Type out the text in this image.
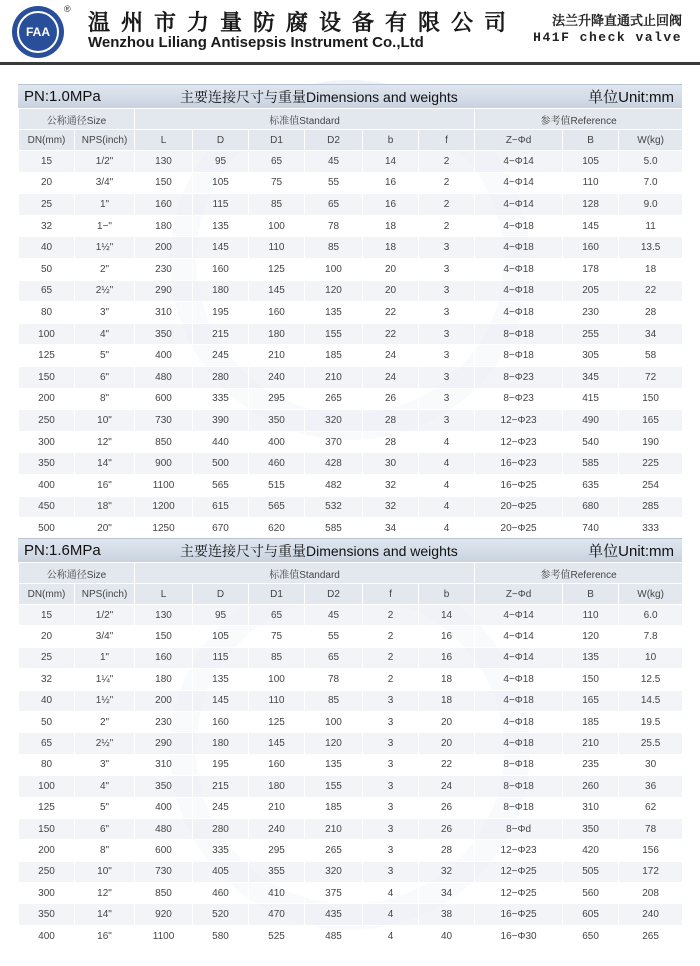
FAA
®
温州市力量防腐设备有限公司
Wenzhou Liliang Antisepsis Instrument Co.,Ltd
法兰升降直通式止回阀
H41F check valve
PN:1.0MPa	主要连接尺寸与重量Dimensions and weights	单位Unit:mm
公称通径Size		标准值Standard						参考值Reference		
DN(mm)	NPS(inch)	L	D	D1	D2	b	f	Z−Φd	B	W(kg)
15	1/2"	130	95	65	45	14	2	4−Φ14	105	5.0
20	3/4"	150	105	75	55	16	2	4−Φ14	110	7.0
25	1"	160	115	85	65	16	2	4−Φ14	128	9.0
32	1−"	180	135	100	78	18	2	4−Φ18	145	11
40	1½"	200	145	110	85	18	3	4−Φ18	160	13.5
50	2"	230	160	125	100	20	3	4−Φ18	178	18
65	2½"	290	180	145	120	20	3	4−Φ18	205	22
80	3"	310	195	160	135	22	3	4−Φ18	230	28
100	4"	350	215	180	155	22	3	8−Φ18	255	34
125	5"	400	245	210	185	24	3	8−Φ18	305	58
150	6"	480	280	240	210	24	3	8−Φ23	345	72
200	8"	600	335	295	265	26	3	8−Φ23	415	150
250	10"	730	390	350	320	28	3	12−Φ23	490	165
300	12"	850	440	400	370	28	4	12−Φ23	540	190
350	14"	900	500	460	428	30	4	16−Φ23	585	225
400	16"	1100	565	515	482	32	4	16−Φ25	635	254
450	18"	1200	615	565	532	32	4	20−Φ25	680	285
500	20"	1250	670	620	585	34	4	20−Φ25	740	333
PN:1.6MPa	主要连接尺寸与重量Dimensions and weights	单位Unit:mm
公称通径Size		标准值Standard						参考值Reference		
DN(mm)	NPS(inch)	L	D	D1	D2	f	b	Z−Φd	B	W(kg)
15	1/2"	130	95	65	45	2	14	4−Φ14	110	6.0
20	3/4"	150	105	75	55	2	16	4−Φ14	120	7.8
25	1"	160	115	85	65	2	16	4−Φ14	135	10
32	1¼"	180	135	100	78	2	18	4−Φ18	150	12.5
40	1½"	200	145	110	85	3	18	4−Φ18	165	14.5
50	2"	230	160	125	100	3	20	4−Φ18	185	19.5
65	2½"	290	180	145	120	3	20	4−Φ18	210	25.5
80	3"	310	195	160	135	3	22	8−Φ18	235	30
100	4"	350	215	180	155	3	24	8−Φ18	260	36
125	5"	400	245	210	185	3	26	8−Φ18	310	62
150	6"	480	280	240	210	3	26	8−Φd	350	78
200	8"	600	335	295	265	3	28	12−Φ23	420	156
250	10"	730	405	355	320	3	32	12−Φ25	505	172
300	12"	850	460	410	375	4	34	12−Φ25	560	208
350	14"	920	520	470	435	4	38	16−Φ25	605	240
400	16"	1100	580	525	485	4	40	16−Φ30	650	265
